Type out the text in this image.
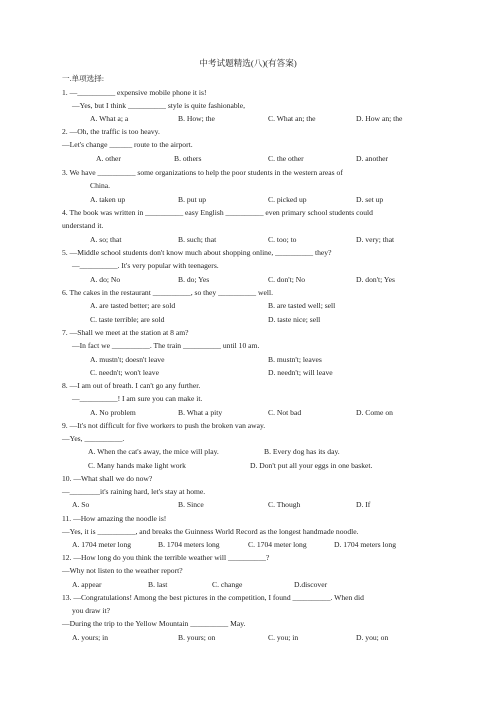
中考试题精选(八)(有答案)
一.单项选择:
1. —__________ expensive mobile phone it is!
—Yes, but I think __________ style is quite fashionable,
A. What a; a	B. How; the	C. What an; the	D. How an; the
2. —Oh, the traffic is too heavy.
—Let's change ______ route to the airport.
A. other	B. others	C. the other	D. another
3. We have __________ some organizations to help the poor students in the western areas of
China.
A. taken up	B. put up	C. picked up	D. set up
4. The book was written in __________ easy English __________ even primary school students could
understand it.
A. so; that	B. such; that	C. too; to	D. very; that
5. —Middle school students don't know much about shopping online, __________ they?
—__________. It's very popular with teenagers.
A. do; No	B. do; Yes	C. don't; No	D. don't; Yes
6. The cakes in the restaurant __________, so they __________ well.
A. are tasted better; are sold	B. are tasted well; sell
C. taste terrible; are sold	D. taste nice; sell
7. —Shall we meet at the station at 8 am?
—In fact we __________. The train __________ until 10 am.
A. mustn't; doesn't leave	B. mustn't; leaves
C. needn't; won't leave	D. needn't; will leave
8. —I am out of breath. I can't go any further.
—__________! I am sure you can make it.
A. No problem	B. What a pity	C. Not bad	D. Come on
9. —It's not difficult for five workers to push the broken van away.
—Yes, __________.
A. When the cat's away, the mice will play.	B. Every dog has its day.
C. Many hands make light work	D. Don't put all your eggs in one basket.
10. —What shall we do now?
—________it's raining hard, let's stay at home.
A. So	B. Since	C. Though	D. If
11. —How amazing the noodle is!
—Yes, it is __________, and breaks the Guinness World Record as the longest handmade noodle.
A. 1704 meter long	B. 1704 meters long	C. 1704 meter long	D. 1704 meters long
12. —How long do you think the terrible weather will __________?
—Why not listen to the weather report?
A. appear	B. last	C. change	D.discover
13. —Congratulations! Among the best pictures in the competition, I found __________. When did
you draw it?
—During the trip to the Yellow Mountain __________ May.
A. yours; in	B. yours; on	C. you; in	D. you; on
